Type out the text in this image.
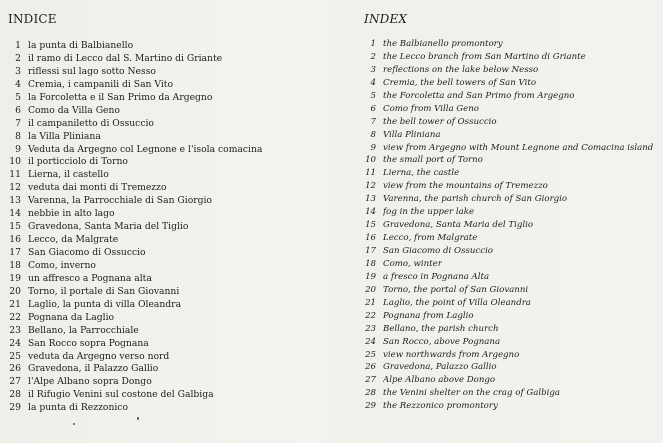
INDICE
1 la punta di Balbianello
2 il ramo di Lecco dal S. Martino di Griante
3 riflessi sul lago sotto Nesso
4 Cremia, i campanili di San Vito
5 la Forcoletta e il San Primo da Argegno
6 Como da Villa Geno
7 il campaniletto di Ossuccio
8 la Villa Pliniana
9 Veduta da Argegno col Legnone e l'isola comacina
10 il porticciolo di Torno
11 Lierna, il castello
12 veduta dai monti di Tremezzo
13 Varenna, la Parrocchiale di San Giorgio
14 nebbie in alto lago
15 Gravedona, Santa Maria del Tiglio
16 Lecco, da Malgrate
17 San Giacomo di Ossuccio
18 Como, inverno
19 un affresco a Pognana alta
20 Torno, il portale di San Giovanni
21 Laglio, la punta di villa Oleandra
22 Pognana da Laglio
23 Bellano, la Parrocchiale
24 San Rocco sopra Pognana
25 veduta da Argegno verso nord
26 Gravedona, il Palazzo Gallio
27 l'Alpe Albano sopra Dongo
28 il Rifugio Venini sul costone del Galbiga
29 la punta di Rezzonico
INDEX
1 the Balbianello promontory
2 the Lecco branch from San Martino di Griante
3 reflections on the lake below Nesso
4 Cremia, the bell towers of San Vito
5 the Forcoletta and San Primo from Argegno
6 Como from Villa Geno
7 the bell tower of Ossuccio
8 Villa Pliniana
9 view from Argegno with Mount Legnone and Comacina island
10 the small port of Torno
11 Lierna, the castle
12 view from the mountains of Tremezzo
13 Varenna, the parish church of San Giorgio
14 fog in the upper lake
15 Gravedona, Santa Maria del Tiglio
16 Lecco, from Malgrate
17 San Giacomo di Ossuccio
18 Como, winter
19 a fresco in Pognana Alta
20 Torno, the portal of San Giovanni
21 Laglio, the point of Villa Oleandra
22 Pognana from Laglio
23 Bellano, the parish church
24 San Rocco, above Pognana
25 view northwards from Argegno
26 Gravedona, Palazzo Gallio
27 Alpe Albano above Dongo
28 the Venini shelter on the crag of Galbiga
29 the Rezzonico promontory
